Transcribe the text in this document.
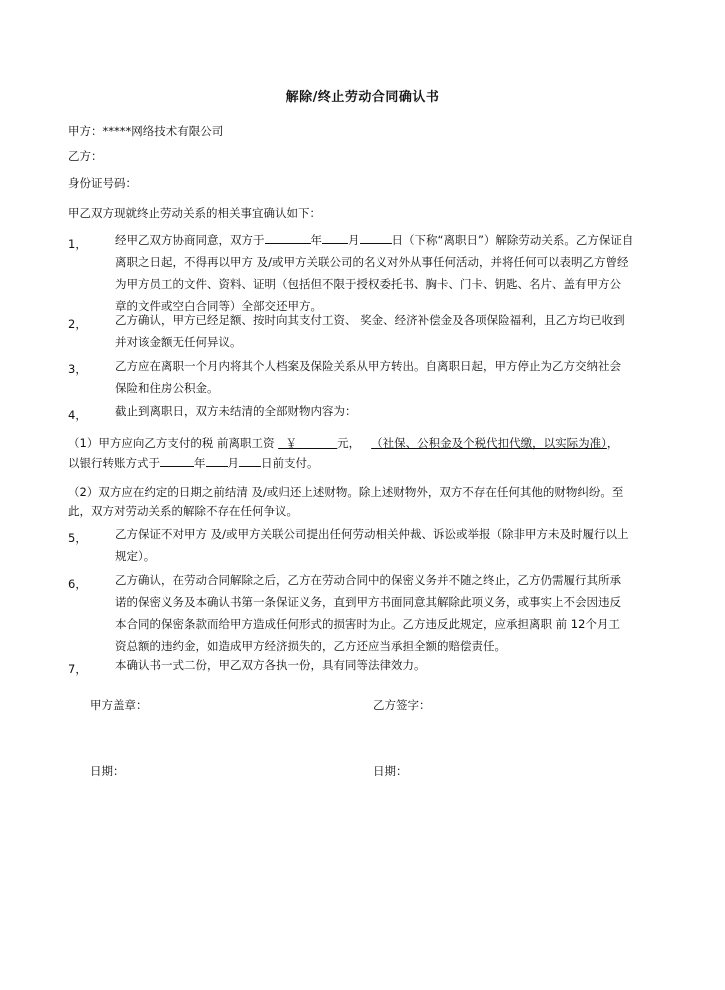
解除/终止劳动合同确认书
甲方：*****网络技术有限公司
乙方：
身份证号码：
甲乙双方现就终止劳动关系的相关事宜确认如下：
1，	经甲乙双方协商同意，双方于	年 月	日（下称“离职日”）解除劳动关系。乙方保证自
离职之日起，不得再以甲方 及/或甲方关联公司的名义对外从事任何活动，并将任何可以表明乙方曾经
为甲方员工的文件、资料、证明（包括但不限于授权委托书、胸卡、门卡、钥匙、名片、盖有甲方公
章的文件或空白合同等）全部交还甲方。
2，	乙方确认，甲方已经足额、按时向其支付工资、 奖金、经济补偿金及各项保险福利，且乙方均已收到
并对该金额无任何异议。
3，	乙方应在离职一个月内将其个人档案及保险关系从甲方转出。自离职日起，甲方停止为乙方交纳社会
保险和住房公积金。
4，	截止到离职日，双方未结清的全部财物内容为：
（1）甲方应向乙方支付的税 前离职工资 ￥	元， （社保、公积金及个税代扣代缴，以实际为准），
以银行转账方式于	年 月 日前支付。
（2）双方应在约定的日期之前结清 及/或归还上述财物。除上述财物外，双方不存在任何其他的财物纠纷。至
此，双方对劳动关系的解除不存在任何争议。
5，	乙方保证不对甲方 及/或甲方关联公司提出任何劳动相关仲裁、诉讼或举报（除非甲方未及时履行以上
规定）。
6，	乙方确认，在劳动合同解除之后，乙方在劳动合同中的保密义务并不随之终止，乙方仍需履行其所承
诺的保密义务及本确认书第一条保证义务，直到甲方书面同意其解除此项义务，或事实上不会因违反
本合同的保密条款而给甲方造成任何形式的损害时为止。乙方违反此规定，应承担离职 前 12个月工
资总额的违约金，如造成甲方经济损失的，乙方还应当承担全额的赔偿责任。
7，	本确认书一式二份，甲乙双方各执一份，具有同等法律效力。
甲方盖章：	乙方签字：
日期：	日期：
